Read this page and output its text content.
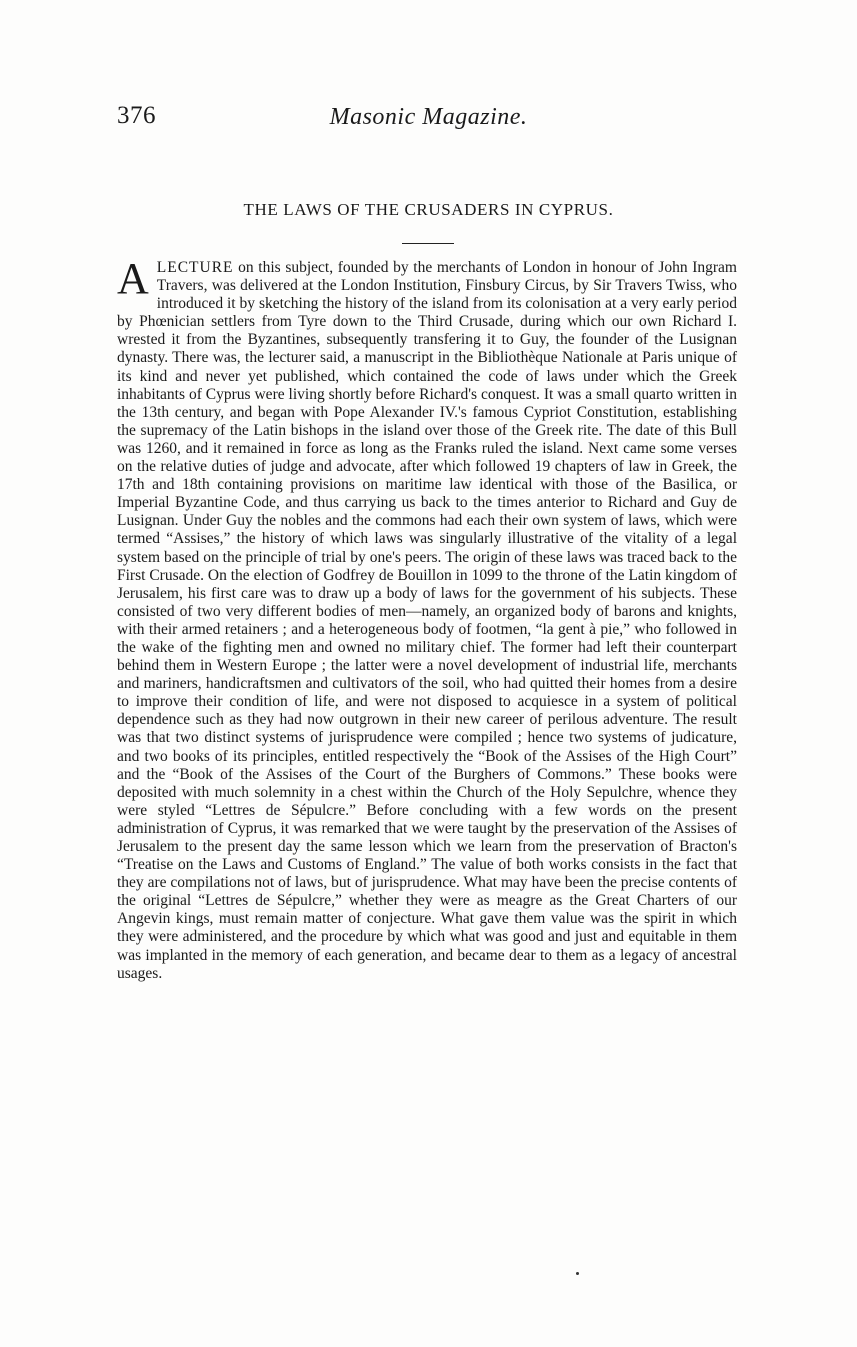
376	Masonic Magazine.
THE LAWS OF THE CRUSADERS IN CYPRUS.

ALECTURE on this subject, founded by the merchants of London in honour of John Ingram Travers, was delivered at the London Institution, Finsbury Circus, by Sir Travers Twiss, who introduced it by sketching the history of the island from its colonisation at a very early period by Phœnician settlers from Tyre down to the Third Crusade, during which our own Richard I. wrested it from the Byzantines, subsequently transfering it to Guy, the founder of the Lusignan dynasty. There was, the lecturer said, a manuscript in the Bibliothèque Nationale at Paris unique of its kind and never yet published, which contained the code of laws under which the Greek inhabitants of Cyprus were living shortly before Richard's conquest. It was a small quarto written in the 13th century, and began with Pope Alexander IV.'s famous Cypriot Constitution, establishing the supremacy of the Latin bishops in the island over those of the Greek rite. The date of this Bull was 1260, and it remained in force as long as the Franks ruled the island. Next came some verses on the relative duties of judge and advocate, after which followed 19 chapters of law in Greek, the 17th and 18th containing provisions on maritime law identical with those of the Basilica, or Imperial Byzantine Code, and thus carrying us back to the times anterior to Richard and Guy de Lusignan. Under Guy the nobles and the commons had each their own system of laws, which were termed “Assises,” the history of which laws was singularly illustrative of the vitality of a legal system based on the principle of trial by one's peers. The origin of these laws was traced back to the First Crusade. On the election of Godfrey de Bouillon in 1099 to the throne of the Latin kingdom of Jerusalem, his first care was to draw up a body of laws for the government of his subjects. These consisted of two very different bodies of men—namely, an organized body of barons and knights, with their armed retainers ; and a heterogeneous body of footmen, “la gent à pie,” who followed in the wake of the fighting men and owned no military chief. The former had left their counterpart behind them in Western Europe ; the latter were a novel development of industrial life, merchants and mariners, handicraftsmen and cultivators of the soil, who had quitted their homes from a desire to improve their condition of life, and were not disposed to acquiesce in a system of political dependence such as they had now outgrown in their new career of perilous adventure. The result was that two distinct systems of jurisprudence were compiled ; hence two systems of judicature, and two books of its principles, entitled respectively the “Book of the Assises of the High Court” and the “Book of the Assises of the Court of the Burghers of Commons.” These books were deposited with much solemnity in a chest within the Church of the Holy Sepulchre, whence they were styled “Lettres de Sépulcre.” Before concluding with a few words on the present administration of Cyprus, it was remarked that we were taught by the preservation of the Assises of Jerusalem to the present day the same lesson which we learn from the preservation of Bracton's “Treatise on the Laws and Customs of England.” The value of both works consists in the fact that they are compilations not of laws, but of jurisprudence. What may have been the precise contents of the original “Lettres de Sépulcre,” whether they were as meagre as the Great Charters of our Angevin kings, must remain matter of conjecture. What gave them value was the spirit in which they were administered, and the procedure by which what was good and just and equitable in them was implanted in the memory of each generation, and became dear to them as a legacy of ancestral usages.
